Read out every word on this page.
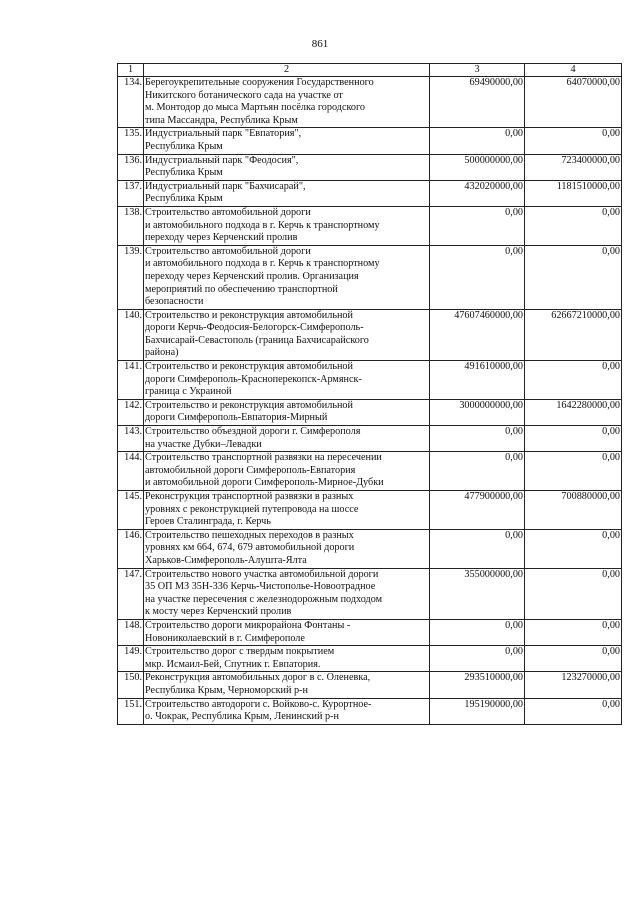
861
1	2	3	4
134.	Берегоукрепительные сооружения Государственного
Никитского ботанического сада на участке от
м. Монтодор до мыса Мартьян посёлка городского
типа Массандра, Республика Крым	69490000,00	64070000,00
135.	Индустриальный парк "Евпатория",
Республика Крым	0,00	0,00
136.	Индустриальный парк "Феодосия",
Республика Крым	500000000,00	723400000,00
137.	Индустриальный парк "Бахчисарай",
Республика Крым	432020000,00	1181510000,00
138.	Строительство автомобильной дороги
и автомобильного подхода в г. Керчь к транспортному
переходу через Керченский пролив	0,00	0,00
139.	Строительство автомобильной дороги
и автомобильного подхода в г. Керчь к транспортному
переходу через Керченский пролив. Организация
мероприятий по обеспечению транспортной
безопасности	0,00	0,00
140.	Строительство и реконструкция автомобильной
дороги Керчь-Феодосия-Белогорск-Симферополь-
Бахчисарай-Севастополь (граница Бахчисарайского
района)	47607460000,00	62667210000,00
141.	Строительство и реконструкция автомобильной
дороги Симферополь-Красноперекопск-Армянск-
граница с Украиной	491610000,00	0,00
142.	Строительство и реконструкция автомобильной
дороги Симферополь-Евпатория-Мирный	3000000000,00	1642280000,00
143.	Строительство объездной дороги г. Симферополя
на участке Дубки–Левадки	0,00	0,00
144.	Строительство транспортной развязки на пересечении
автомобильной дороги Симферополь-Евпатория
и автомобильной дороги Симферополь-Мирное-Дубки	0,00	0,00
145.	Реконструкция транспортной развязки в разных
уровнях с реконструкцией путепровода на шоссе
Героев Сталинграда, г. Керчь	477900000,00	700880000,00
146.	Строительство пешеходных переходов в разных
уровнях км 664, 674, 679 автомобильной дороги
Харьков-Симферополь-Алушта-Ялта	0,00	0,00
147.	Строительство нового участка автомобильной дороги
35 ОП МЗ 35Н-336 Керчь-Чистополье-Новоотрадное
на участке пересечения с железнодорожным подходом
к мосту через Керченский пролив	355000000,00	0,00
148.	Строительство дороги микрорайона Фонтаны -
Новониколаевский в г. Симферополе	0,00	0,00
149.	Строительство дорог с твердым покрытием
мкр. Исмаил-Бей, Спутник г. Евпатория.	0,00	0,00
150.	Реконструкция автомобильных дорог в с. Оленевка,
Республика Крым, Черноморский р-н	293510000,00	123270000,00
151.	Строительство автодороги с. Войково-с. Курортное-
о. Чокрак, Республика Крым, Ленинский р-н	195190000,00	0,00
